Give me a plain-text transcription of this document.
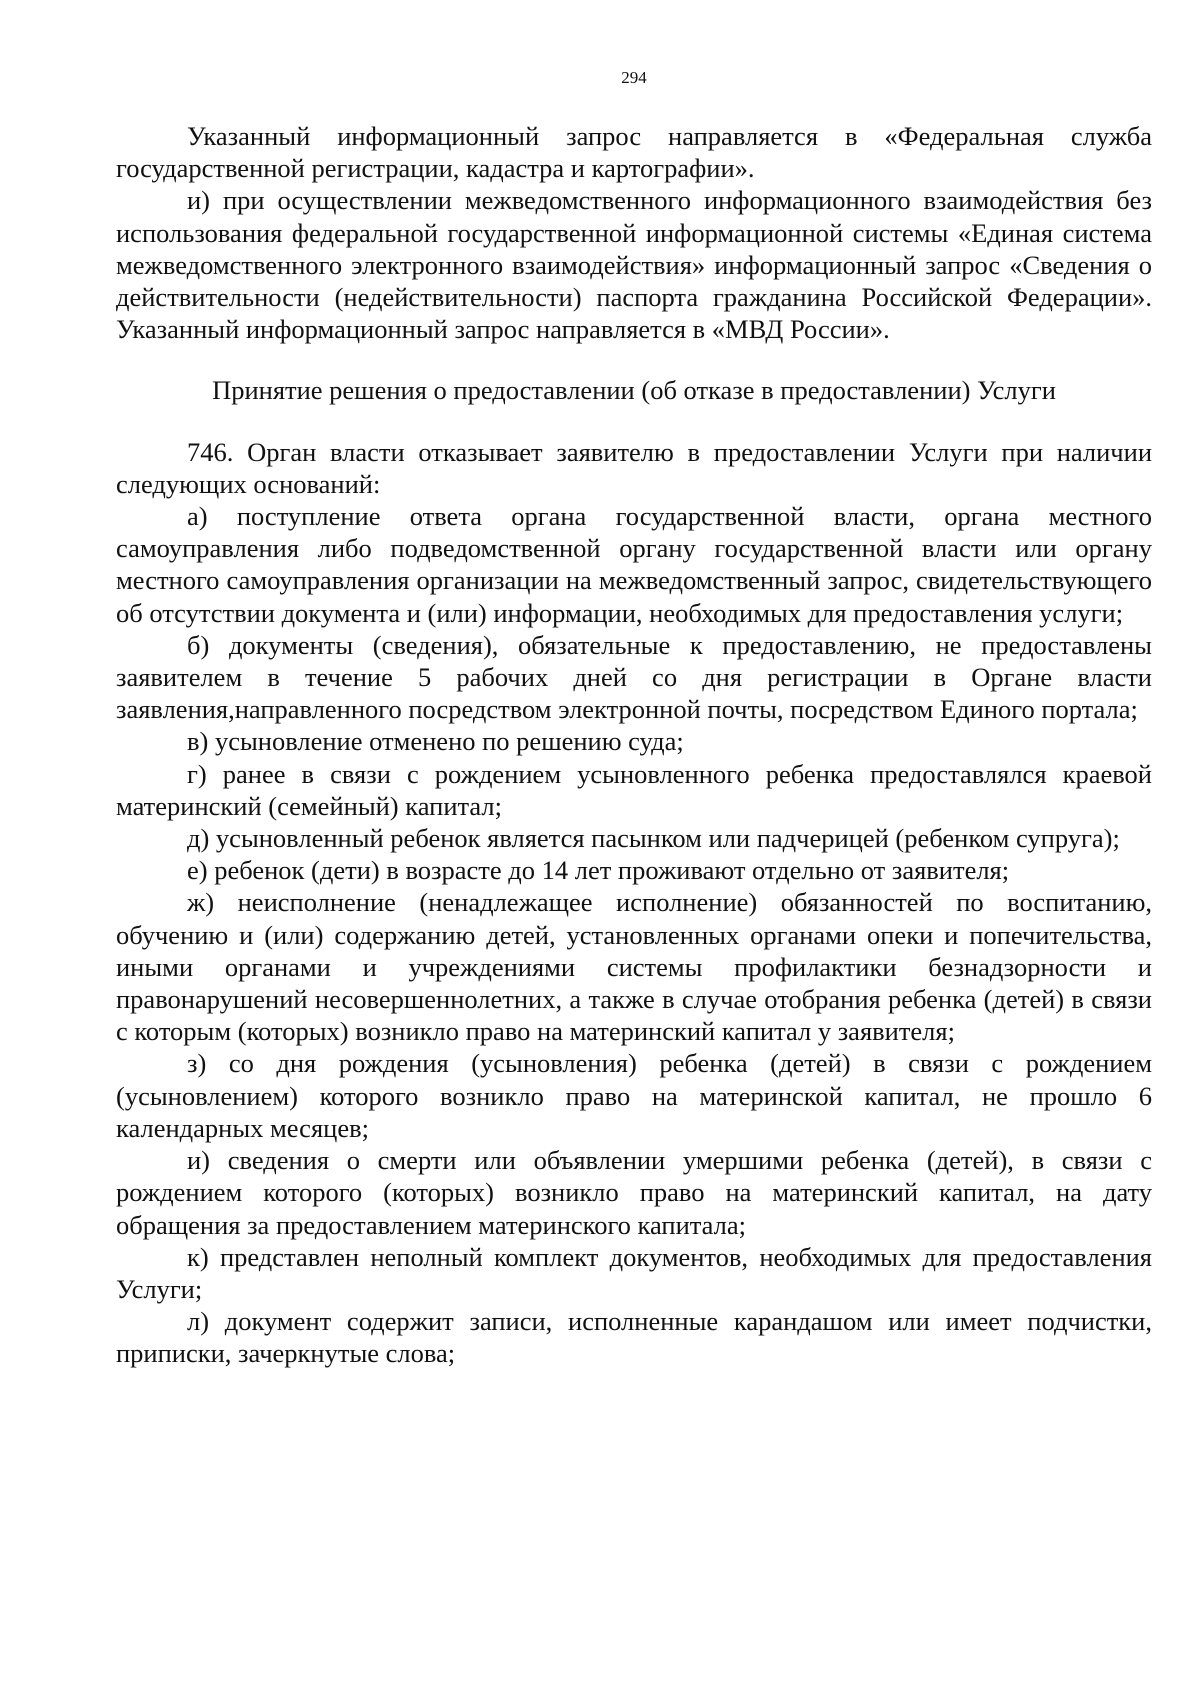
294

Указанный информационный запрос направляется в «Федеральная служба государственной регистрации, кадастра и картографии».

и) при осуществлении межведомственного информационного взаимодействия без использования федеральной государственной информационной системы «Единая система межведомственного электронного взаимодействия» информационный запрос «Сведения о действительности (недействительности) паспорта гражданина Российской Федерации». Указанный информационный запрос направляется в «МВД России».

Принятие решения о предоставлении (об отказе в предоставлении) Услуги

746. Орган власти отказывает заявителю в предоставлении Услуги при наличии следующих оснований:

а) поступление ответа органа государственной власти, органа местного самоуправления либо подведомственной органу государственной власти или органу местного самоуправления организации на межведомственный запрос, свидетельствующего об отсутствии документа и (или) информации, необходимых для предоставления услуги;

б) документы (сведения), обязательные к предоставлению, не предоставлены заявителем в течение 5 рабочих дней со дня регистрации в Органе власти заявления,направленного посредством электронной почты, посредством Единого портала;

в) усыновление отменено по решению суда;

г) ранее в связи с рождением усыновленного ребенка предоставлялся краевой материнский (семейный) капитал;

д) усыновленный ребенок является пасынком или падчерицей (ребенком супруга);

е) ребенок (дети) в возрасте до 14 лет проживают отдельно от заявителя;

ж) неисполнение (ненадлежащее исполнение) обязанностей по воспитанию, обучению и (или) содержанию детей, установленных органами опеки и попечительства, иными органами и учреждениями системы профилактики безнадзорности и правонарушений несовершеннолетних, а также в случае отобрания ребенка (детей) в связи с которым (которых) возникло право на материнский капитал у заявителя;

з) со дня рождения (усыновления) ребенка (детей) в связи с рождением (усыновлением) которого возникло право на материнской капитал, не прошло 6 календарных месяцев;

и) сведения о смерти или объявлении умершими ребенка (детей), в связи с рождением которого (которых) возникло право на материнский капитал, на дату обращения за предоставлением материнского капитала;

к) представлен неполный комплект документов, необходимых для предоставления Услуги;

л) документ содержит записи, исполненные карандашом или имеет подчистки, приписки, зачеркнутые слова;
